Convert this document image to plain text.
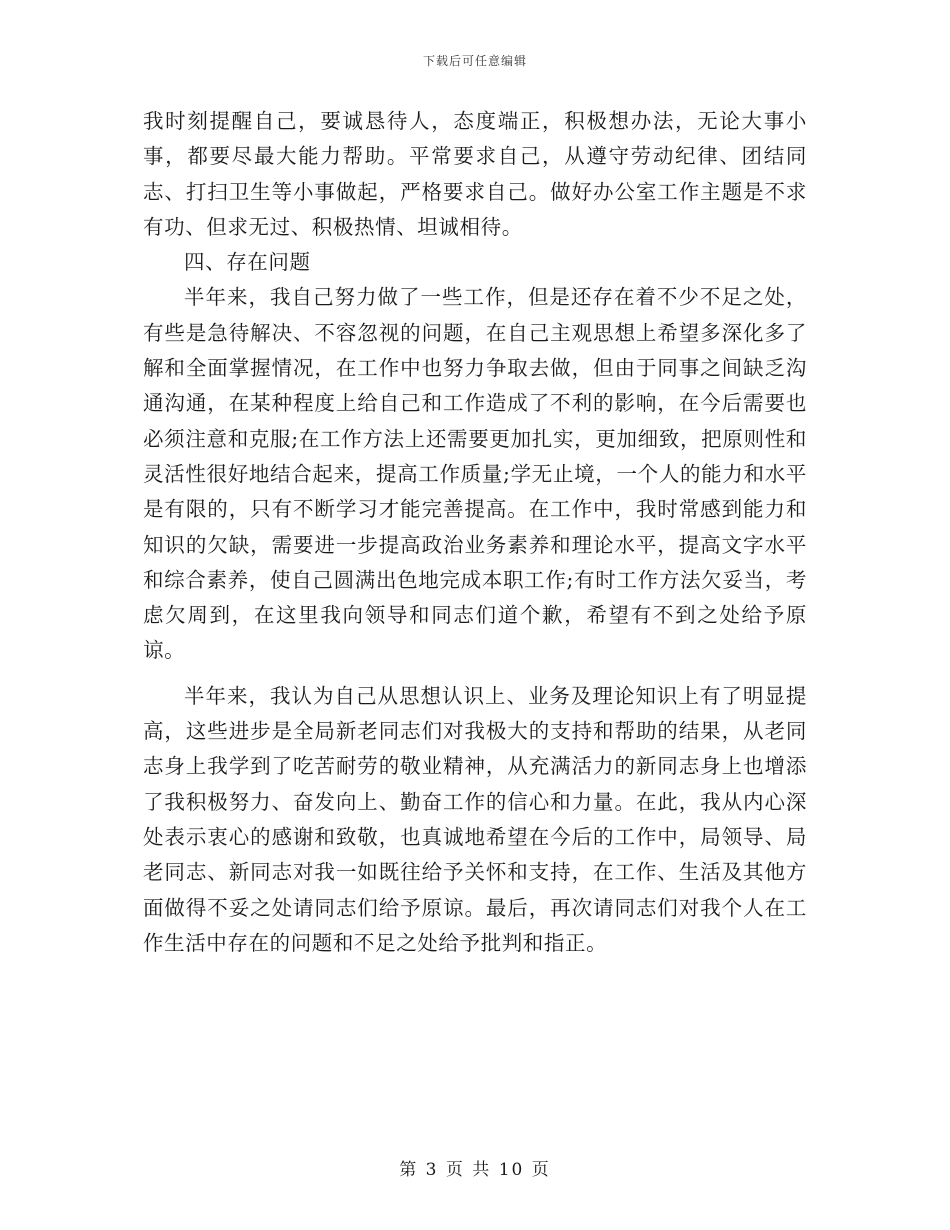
下载后可任意编辑

我时刻提醒自己，要诚恳待人，态度端正，积极想办法，无论大事小事，都要尽最大能力帮助。平常要求自己，从遵守劳动纪律、团结同志、打扫卫生等小事做起，严格要求自己。做好办公室工作主题是不求有功、但求无过、积极热情、坦诚相待。

四、存在问题

半年来，我自己努力做了一些工作，但是还存在着不少不足之处，有些是急待解决、不容忽视的问题，在自己主观思想上希望多深化多了解和全面掌握情况，在工作中也努力争取去做，但由于同事之间缺乏沟通沟通，在某种程度上给自己和工作造成了不利的影响，在今后需要也必须注意和克服;在工作方法上还需要更加扎实，更加细致，把原则性和灵活性很好地结合起来，提高工作质量;学无止境，一个人的能力和水平是有限的，只有不断学习才能完善提高。在工作中，我时常感到能力和知识的欠缺，需要进一步提高政治业务素养和理论水平，提高文字水平和综合素养，使自己圆满出色地完成本职工作;有时工作方法欠妥当，考虑欠周到，在这里我向领导和同志们道个歉，希望有不到之处给予原谅。

半年来，我认为自己从思想认识上、业务及理论知识上有了明显提高，这些进步是全局新老同志们对我极大的支持和帮助的结果，从老同志身上我学到了吃苦耐劳的敬业精神，从充满活力的新同志身上也增添了我积极努力、奋发向上、勤奋工作的信心和力量。在此，我从内心深处表示衷心的感谢和致敬，也真诚地希望在今后的工作中，局领导、局老同志、新同志对我一如既往给予关怀和支持，在工作、生活及其他方面做得不妥之处请同志们给予原谅。最后，再次请同志们对我个人在工作生活中存在的问题和不足之处给予批判和指正。

第 3 页 共 10 页
